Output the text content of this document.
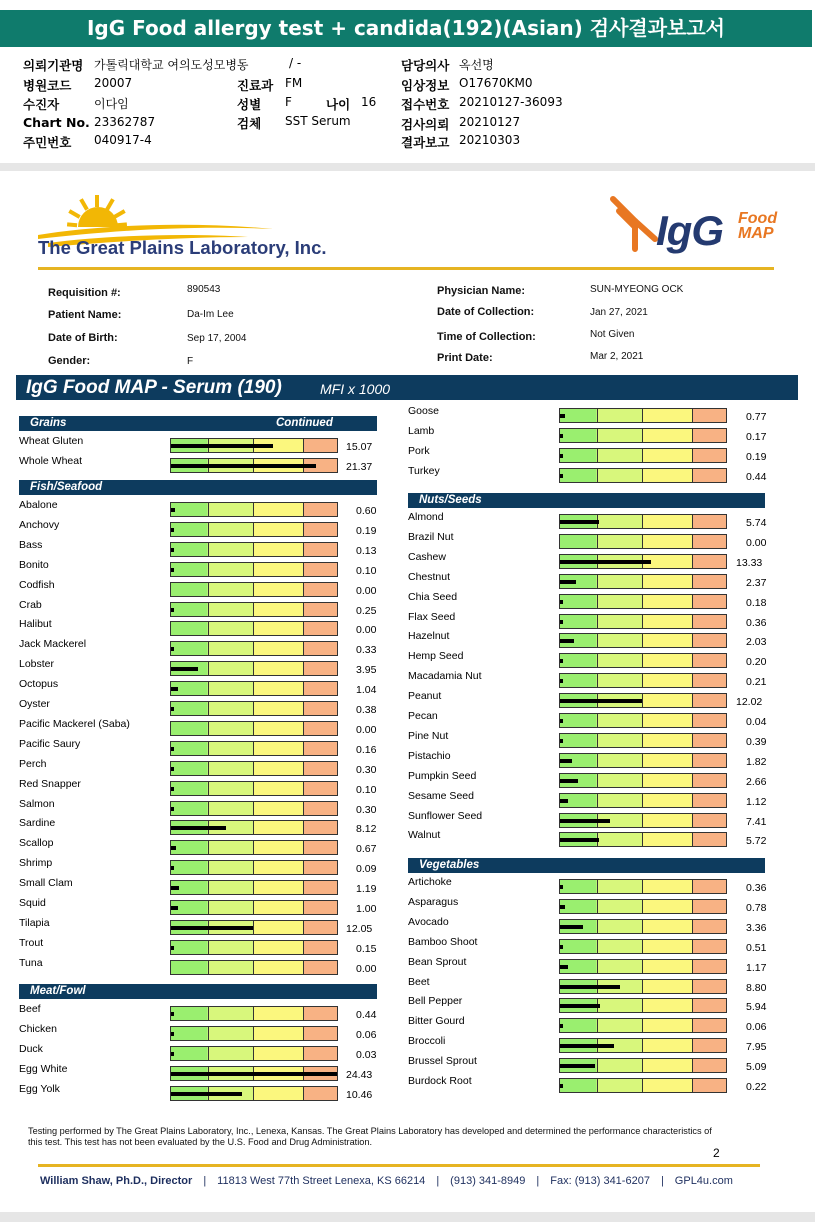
IgG Food allergy test + candida(192)(Asian) 검사결과보고서
의뢰기관명 가톨릭대학교 여의도성모병동	/ -	담당의사 옥선명
병원코드 20007	진료과 FM	임상정보 O17670KM0
수진자	이다임	성별 F	나이 16 접수번호 20210127-36093
Chart No. 23362787	검체 SST Serum	검사의뢰 20210127
주민번호 040917-4	결과보고 20210303
The Great Plains Laboratory, Inc.	IgG Food
MAP
Requisition #:	890543
Patient Name:	Da-Im Lee
Date of Birth:	Sep 17, 2004
Gender:	F
Physician Name:	SUN-MYEONG OCK
Date of Collection:	Jan 27, 2021
Time of Collection:	Not Given
Print Date:	Mar 2, 2021
IgG Food MAP - Serum (190)	MFI x 1000
Grains	Continued
Wheat Gluten	15.07
Whole Wheat	21.37
Fish/Seafood
Abalone	0.60
Anchovy	0.19
Bass	0.13
Bonito	0.10
Codfish	0.00
Crab	0.25
Halibut	0.00
Jack Mackerel	0.33
Lobster	3.95
Octopus	1.04
Oyster	0.38
Pacific Mackerel (Saba)	0.00
Pacific Saury	0.16
Perch	0.30
Red Snapper	0.10
Salmon	0.30
Sardine	8.12
Scallop	0.67
Shrimp	0.09
Small Clam	1.19
Squid	1.00
Tilapia	12.05
Trout	0.15
Tuna	0.00
Meat/Fowl
Beef	0.44
Chicken	0.06
Duck	0.03
Egg White	24.43
Egg Yolk	10.46
Goose	0.77
Lamb	0.17
Pork	0.19
Turkey	0.44
Nuts/Seeds
Almond	5.74
Brazil Nut	0.00
Cashew	13.33
Chestnut	2.37
Chia Seed	0.18
Flax Seed	0.36
Hazelnut	2.03
Hemp Seed	0.20
Macadamia Nut	0.21
Peanut	12.02
Pecan	0.04
Pine Nut	0.39
Pistachio	1.82
Pumpkin Seed	2.66
Sesame Seed	1.12
Sunflower Seed	7.41
Walnut	5.72
Vegetables
Artichoke	0.36
Asparagus	0.78
Avocado	3.36
Bamboo Shoot	0.51
Bean Sprout	1.17
Beet	8.80
Bell Pepper	5.94
Bitter Gourd	0.06
Broccoli	7.95
Brussel Sprout	5.09
Burdock Root	0.22
Testing performed by The Great Plains Laboratory, Inc., Lenexa, Kansas. The Great Plains Laboratory has developed and determined the performance characteristics of this test. This test has not been evaluated by the U.S. Food and Drug Administration.
2
William Shaw, Ph.D., Director | 11813 West 77th Street Lenexa, KS 66214 | (913) 341-8949 | Fax: (913) 341-6207 | GPL4u.com
